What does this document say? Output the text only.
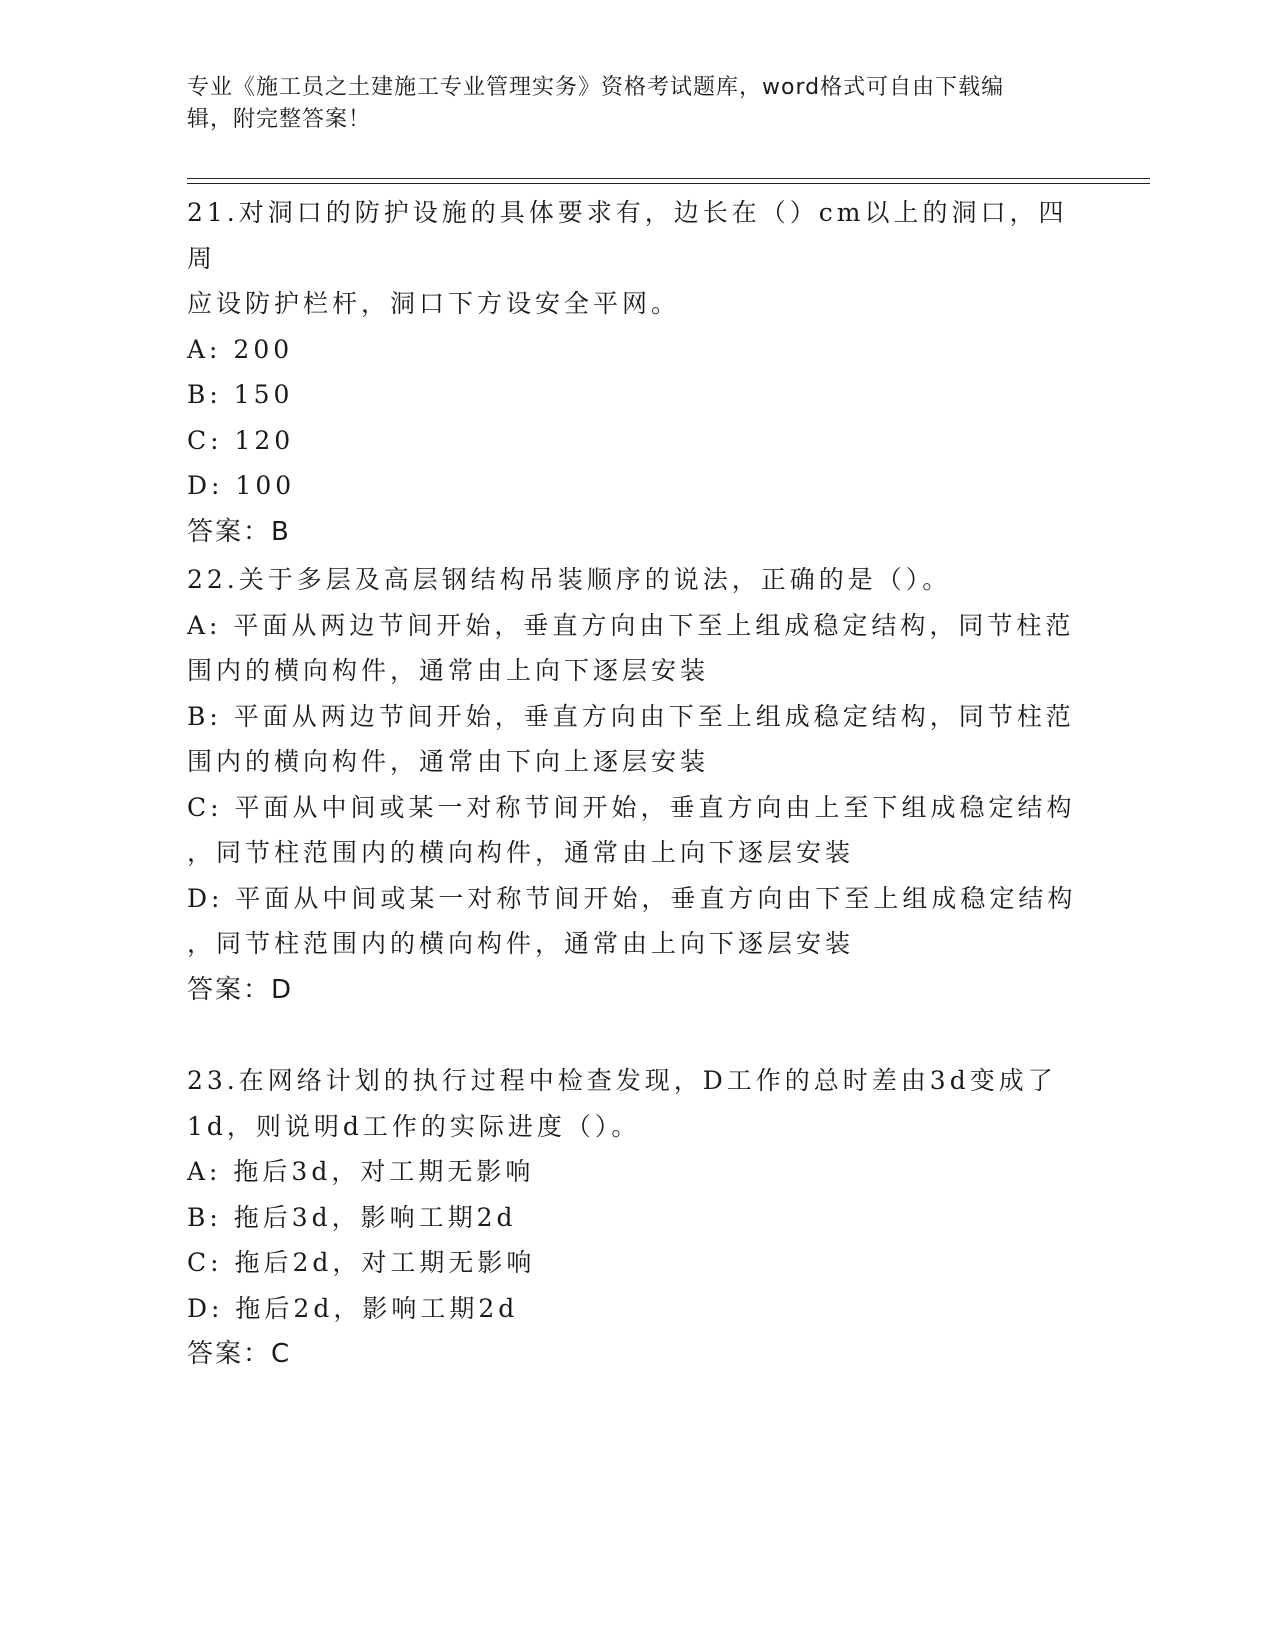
专业《施工员之土建施工专业管理实务》资格考试题库，word格式可自由下载编
辑，附完整答案！

21.对洞口的防护设施的具体要求有，边长在（）cm以上的洞口，四周

应设防护栏杆，洞口下方设安全平网。

A: 200

B: 150

C: 120

D: 100

答案：B

22.关于多层及高层钢结构吊装顺序的说法，正确的是（）。

A: 平面从两边节间开始，垂直方向由下至上组成稳定结构，同节柱范

围内的横向构件，通常由上向下逐层安装

B: 平面从两边节间开始，垂直方向由下至上组成稳定结构，同节柱范

围内的横向构件，通常由下向上逐层安装

C: 平面从中间或某一对称节间开始，垂直方向由上至下组成稳定结构

，同节柱范围内的横向构件，通常由上向下逐层安装

D: 平面从中间或某一对称节间开始，垂直方向由下至上组成稳定结构

，同节柱范围内的横向构件，通常由上向下逐层安装

答案：D

23.在网络计划的执行过程中检查发现，D工作的总时差由3d变成了

1d，则说明d工作的实际进度（）。

A: 拖后3d，对工期无影响

B: 拖后3d，影响工期2d

C: 拖后2d，对工期无影响

D: 拖后2d，影响工期2d

答案：C
